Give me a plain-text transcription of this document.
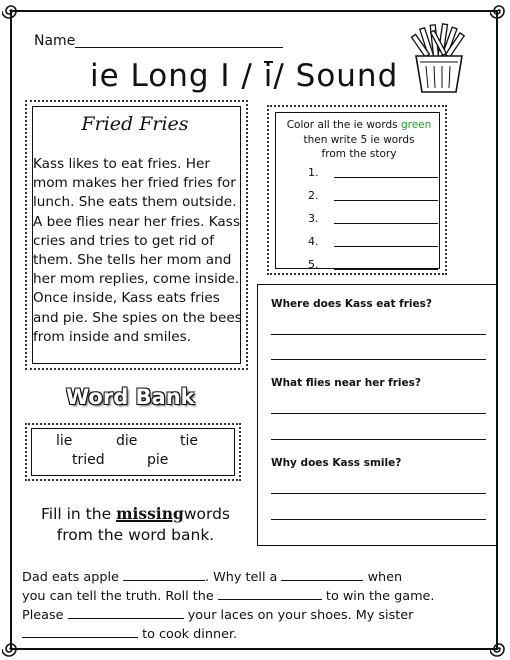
Name
ie Long I / i/ Sound
Fried Fries
Kass likes to eat fries. Her mom makes her fried fries for lunch. She eats them outside. A bee flies near her fries. Kass cries and tries to get rid of them. She tells her mom and her mom replies, come inside. Once inside, Kass eats fries and pie. She spies on the bees from inside and smiles.
Color all the ie words green
then write 5 ie words
from the story
1.
2.
3.
4.
5.
Word Bank
lie	die	tie
tried	pie
Fill in the missingwords
from the word bank.
Where does Kass eat fries?
What flies near her fries?
Why does Kass smile?
Dad eats apple	. Why tell a	when
you can tell the truth. Roll the	to win the game.
Please	your laces on your shoes. My sister
to cook dinner.
